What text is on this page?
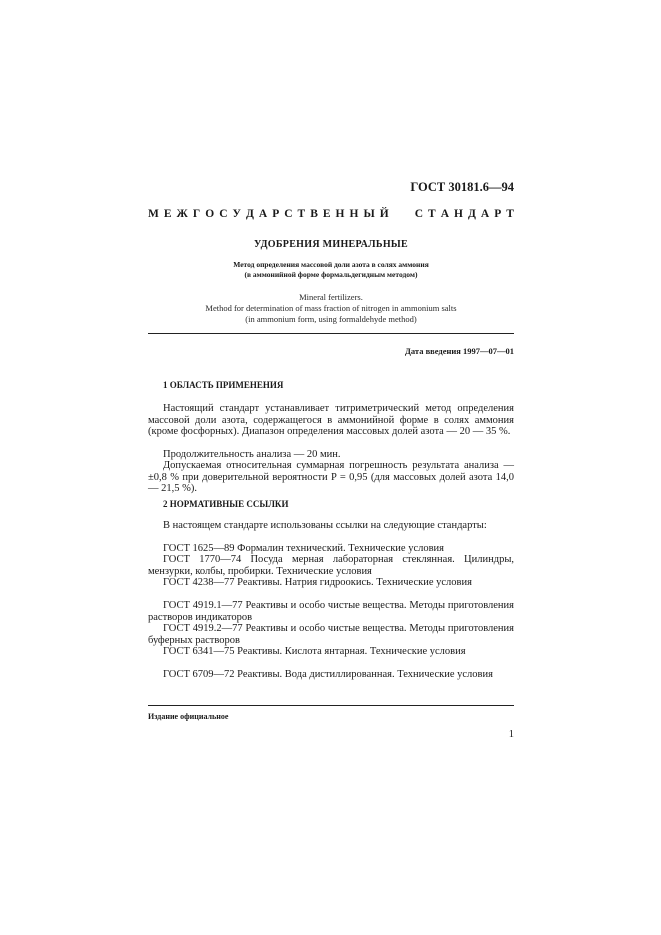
ГОСТ 30181.6—94
М Е Ж Г О С У Д А Р С Т В Е Н Н Ы Й С Т А Н Д А Р Т
УДОБРЕНИЯ МИНЕРАЛЬНЫЕ
Метод определения массовой доли азота в солях аммония
(в аммонийной форме формальдегидным методом)
Mineral fertilizers.
Method for determination of mass fraction of nitrogen in ammonium salts
(in ammonium form, using formaldehyde method)
Дата введения 1997—07—01
1 ОБЛАСТЬ ПРИМЕНЕНИЯ

Настоящий стандарт устанавливает титриметрический метод определения массовой доли азота, содержащегося в аммонийной форме в солях аммония (кроме фосфорных). Диапазон определения массовых долей азота — 20 — 35 %.

Продолжительность анализа — 20 мин.

Допускаемая относительная суммарная погрешность результата анализа — ±0,8 % при доверительной вероятности P = 0,95 (для массовых долей азота 14,0 — 21,5 %).

2 НОРМАТИВНЫЕ ССЫЛКИ

В настоящем стандарте использованы ссылки на следующие стандарты:

ГОСТ 1625—89 Формалин технический. Технические условия

ГОСТ 1770—74 Посуда мерная лабораторная стеклянная. Цилиндры, мензурки, колбы, пробирки. Технические условия

ГОСТ 4238—77 Реактивы. Натрия гидроокись. Технические условия

ГОСТ 4919.1—77 Реактивы и особо чистые вещества. Методы приготовления растворов индикаторов

ГОСТ 4919.2—77 Реактивы и особо чистые вещества. Методы приготовления буферных растворов

ГОСТ 6341—75 Реактивы. Кислота янтарная. Технические условия

ГОСТ 6709—72 Реактивы. Вода дистиллированная. Технические условия

Издание официальное
1
